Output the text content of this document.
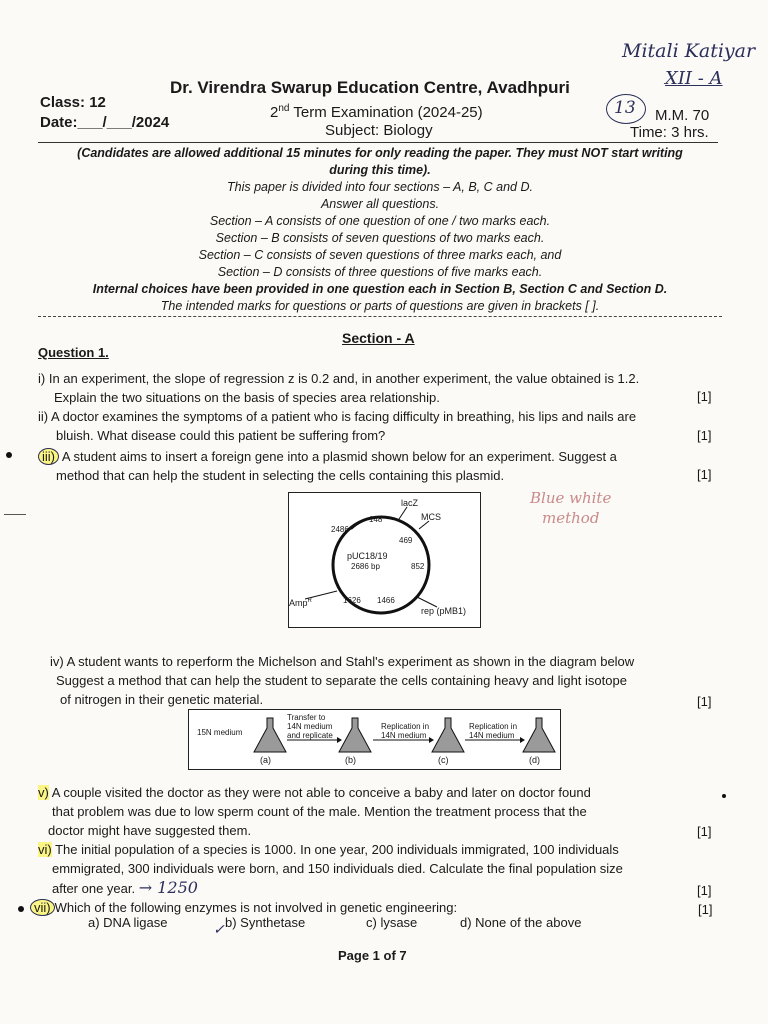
Mitali Katiyar
XII - A
13
Dr. Virendra Swarup Education Centre, Avadhpuri
2nd Term Examination (2024-25)
Subject: Biology
Class: 12
Date:___/___/2024	M.M. 70
Time: 3 hrs.
(Candidates are allowed additional 15 minutes for only reading the paper. They must NOT start writing
during this time).
This paper is divided into four sections – A, B, C and D.
Answer all questions.
Section – A consists of one question of one / two marks each.
Section – B consists of seven questions of two marks each.
Section – C consists of seven questions of three marks each, and
Section – D consists of three questions of five marks each.
Internal choices have been provided in one question each in Section B, Section C and Section D.
The intended marks for questions or parts of questions are given in brackets [ ].
Section - A
Question 1.
i) In an experiment, the slope of regression z is 0.2 and, in another experiment, the value obtained is 1.2.
Explain the two situations on the basis of species area relationship.	[1]
ii) A doctor examines the symptoms of a patient who is facing difficulty in breathing, his lips and nails are
bluish. What disease could this patient be suffering from?	[1]
iii) A student aims to insert a foreign gene into a plasmid shown below for an experiment. Suggest a
method that can help the student in selecting the cells containing this plasmid.	[1]
Blue white
method
lacZ
MCS
148
2486
469
pUC18/19
2686 bp	852
1626 1466
Amp$^R$
rep (pMB1)
iv) A student wants to reperform the Michelson and Stahl's experiment as shown in the diagram below
Suggest a method that can help the student to separate the cells containing heavy and light isotope
of nitrogen in their genetic material.	[1]
15N medium
Transfer to
14N medium
and replicate
Replication in
14N medium
Replication in
14N medium
(a)	(b)	(c)	(d)
v) A couple visited the doctor as they were not able to conceive a baby and later on doctor found
that problem was due to low sperm count of the male. Mention the treatment process that the
doctor might have suggested them.	[1]
vi) The initial population of a species is 1000. In one year, 200 individuals immigrated, 100 individuals
emmigrated, 300 individuals were born, and 150 individuals died. Calculate the final population size
after one year. → 1250	[1]
vii) Which of the following enzymes is not involved in genetic engineering:	[1]
a) DNA ligase	b) Synthetase
✓	c) lysase	d) None of the above
Page 1 of 7
